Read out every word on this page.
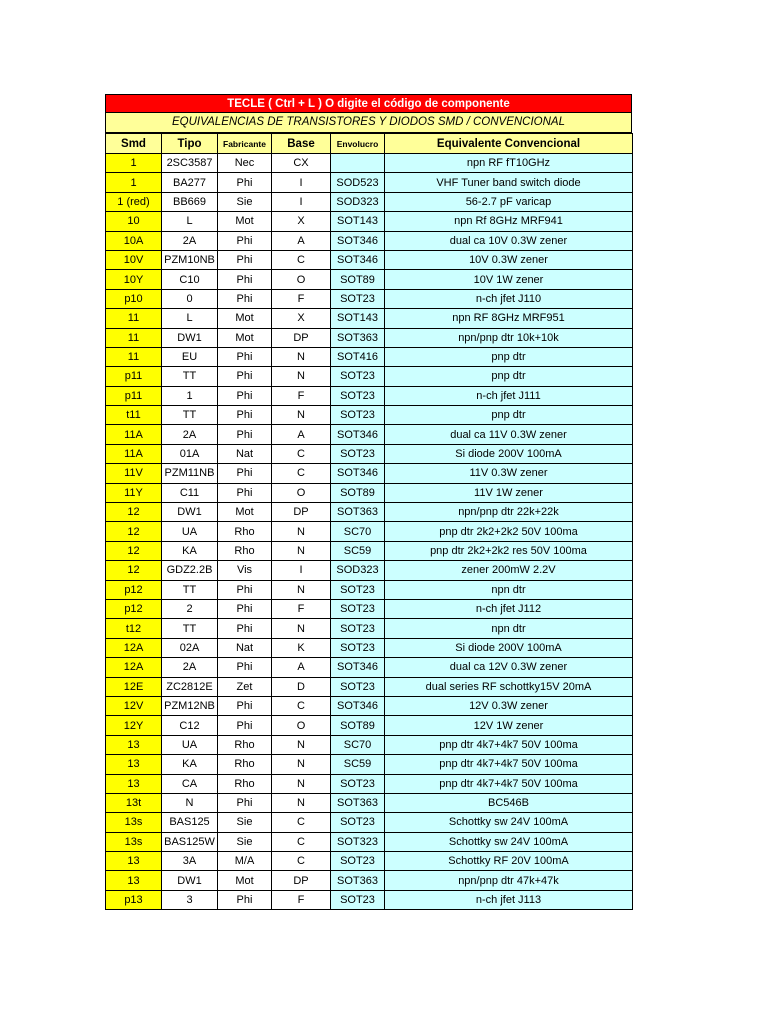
TECLE ( Ctrl + L ) O digite el código de componente
EQUIVALENCIAS DE TRANSISTORES Y DIODOS SMD / CONVENCIONAL
Smd	Tipo	Fabricante	Base	Envolucro	Equivalente Convencional
1	2SC3587	Nec	CX		npn RF fT10GHz
1	BA277	Phi	I	SOD523	VHF Tuner band switch diode
1 (red)	BB669	Sie	I	SOD323	56-2.7 pF varicap
10	L	Mot	X	SOT143	npn Rf 8GHz MRF941
10A	2A	Phi	A	SOT346	dual ca 10V 0.3W zener
10V	PZM10NB	Phi	C	SOT346	10V 0.3W zener
10Y	C10	Phi	O	SOT89	10V 1W zener
p10	0	Phi	F	SOT23	n-ch jfet J110
11	L	Mot	X	SOT143	npn RF 8GHz MRF951
11	DW1	Mot	DP	SOT363	npn/pnp dtr 10k+10k
11	EU	Phi	N	SOT416	pnp dtr
p11	TT	Phi	N	SOT23	pnp dtr
p11	1	Phi	F	SOT23	n-ch jfet J111
t11	TT	Phi	N	SOT23	pnp dtr
11A	2A	Phi	A	SOT346	dual ca 11V 0.3W zener
11A	01A	Nat	C	SOT23	Si diode 200V 100mA
11V	PZM11NB	Phi	C	SOT346	11V 0.3W zener
11Y	C11	Phi	O	SOT89	11V 1W zener
12	DW1	Mot	DP	SOT363	npn/pnp dtr 22k+22k
12	UA	Rho	N	SC70	pnp dtr 2k2+2k2 50V 100ma
12	KA	Rho	N	SC59	pnp dtr 2k2+2k2 res 50V 100ma
12	GDZ2.2B	Vis	I	SOD323	zener 200mW 2.2V
p12	TT	Phi	N	SOT23	npn dtr
p12	2	Phi	F	SOT23	n-ch jfet J112
t12	TT	Phi	N	SOT23	npn dtr
12A	02A	Nat	K	SOT23	Si diode 200V 100mA
12A	2A	Phi	A	SOT346	dual ca 12V 0.3W zener
12E	ZC2812E	Zet	D	SOT23	dual series RF schottky15V 20mA
12V	PZM12NB	Phi	C	SOT346	12V 0.3W zener
12Y	C12	Phi	O	SOT89	12V 1W zener
13	UA	Rho	N	SC70	pnp dtr 4k7+4k7 50V 100ma
13	KA	Rho	N	SC59	pnp dtr 4k7+4k7 50V 100ma
13	CA	Rho	N	SOT23	pnp dtr 4k7+4k7 50V 100ma
13t	N	Phi	N	SOT363	BC546B
13s	BAS125	Sie	C	SOT23	Schottky sw 24V 100mA
13s	BAS125W	Sie	C	SOT323	Schottky sw 24V 100mA
13	3A	M/A	C	SOT23	Schottky RF 20V 100mA
13	DW1	Mot	DP	SOT363	npn/pnp dtr 47k+47k
p13	3	Phi	F	SOT23	n-ch jfet J113
